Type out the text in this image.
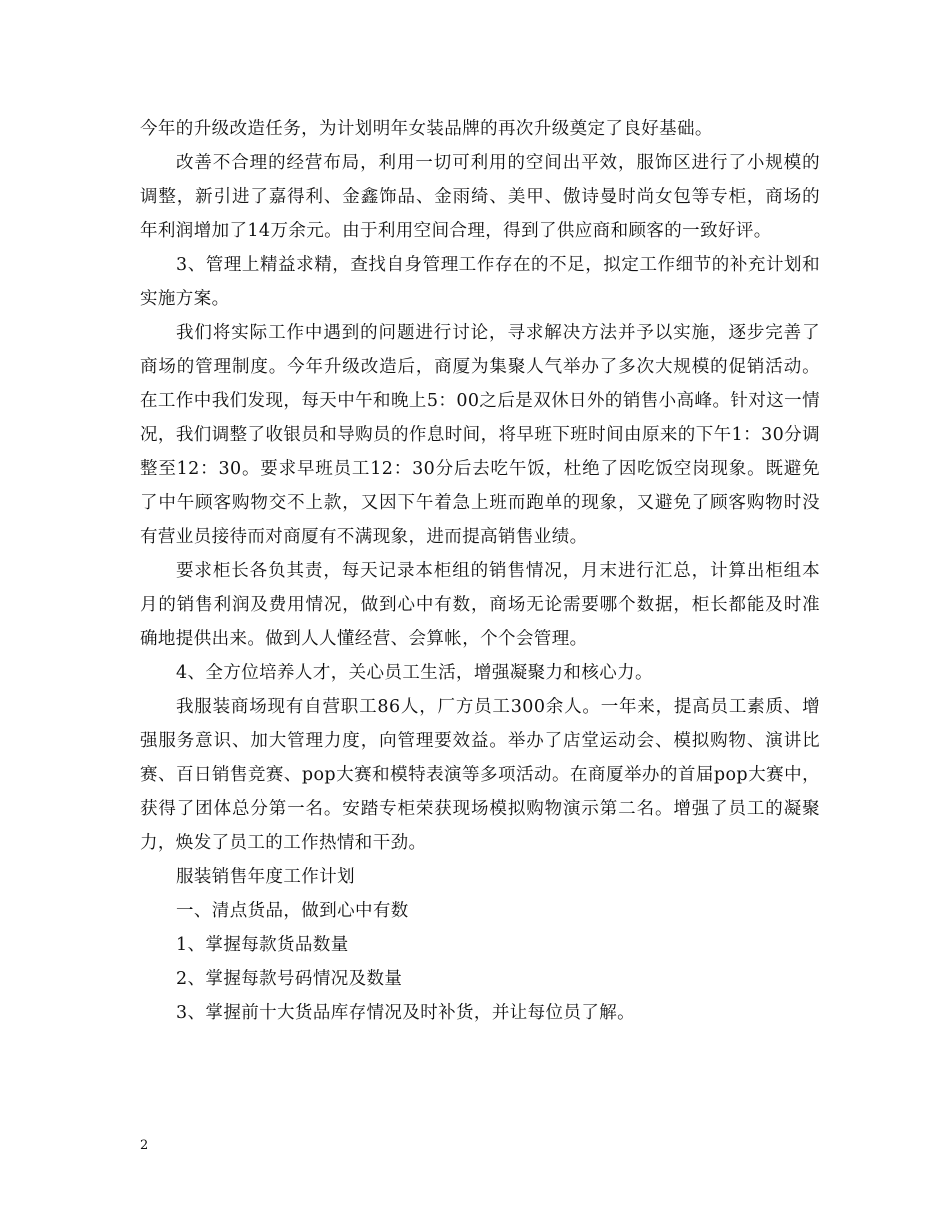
今年的升级改造任务，为计划明年女装品牌的再次升级奠定了良好基础。

改善不合理的经营布局，利用一切可利用的空间出平效，服饰区进行了小规模的调整，新引进了嘉得利、金鑫饰品、金雨绮、美甲、傲诗曼时尚女包等专柜，商场的年利润增加了14万余元。由于利用空间合理，得到了供应商和顾客的一致好评。

3、管理上精益求精，查找自身管理工作存在的不足，拟定工作细节的补充计划和实施方案。

我们将实际工作中遇到的问题进行讨论，寻求解决方法并予以实施，逐步完善了商场的管理制度。今年升级改造后，商厦为集聚人气举办了多次大规模的促销活动。在工作中我们发现，每天中午和晚上5：00之后是双休日外的销售小高峰。针对这一情况，我们调整了收银员和导购员的作息时间，将早班下班时间由原来的下午1：30分调整至12：30。要求早班员工12：30分后去吃午饭，杜绝了因吃饭空岗现象。既避免了中午顾客购物交不上款，又因下午着急上班而跑单的现象，又避免了顾客购物时没有营业员接待而对商厦有不满现象，进而提高销售业绩。

要求柜长各负其责，每天记录本柜组的销售情况，月末进行汇总，计算出柜组本月的销售利润及费用情况，做到心中有数，商场无论需要哪个数据，柜长都能及时准确地提供出来。做到人人懂经营、会算帐，个个会管理。

4、全方位培养人才，关心员工生活，增强凝聚力和核心力。

我服装商场现有自营职工86人，厂方员工300余人。一年来，提高员工素质、增强服务意识、加大管理力度，向管理要效益。举办了店堂运动会、模拟购物、演讲比赛、百日销售竞赛、pop大赛和模特表演等多项活动。在商厦举办的首届pop大赛中，获得了团体总分第一名。安踏专柜荣获现场模拟购物演示第二名。增强了员工的凝聚力，焕发了员工的工作热情和干劲。

服装销售年度工作计划

一、清点货品，做到心中有数

1、掌握每款货品数量

2、掌握每款号码情况及数量

3、掌握前十大货品库存情况及时补货，并让每位员了解。

2
